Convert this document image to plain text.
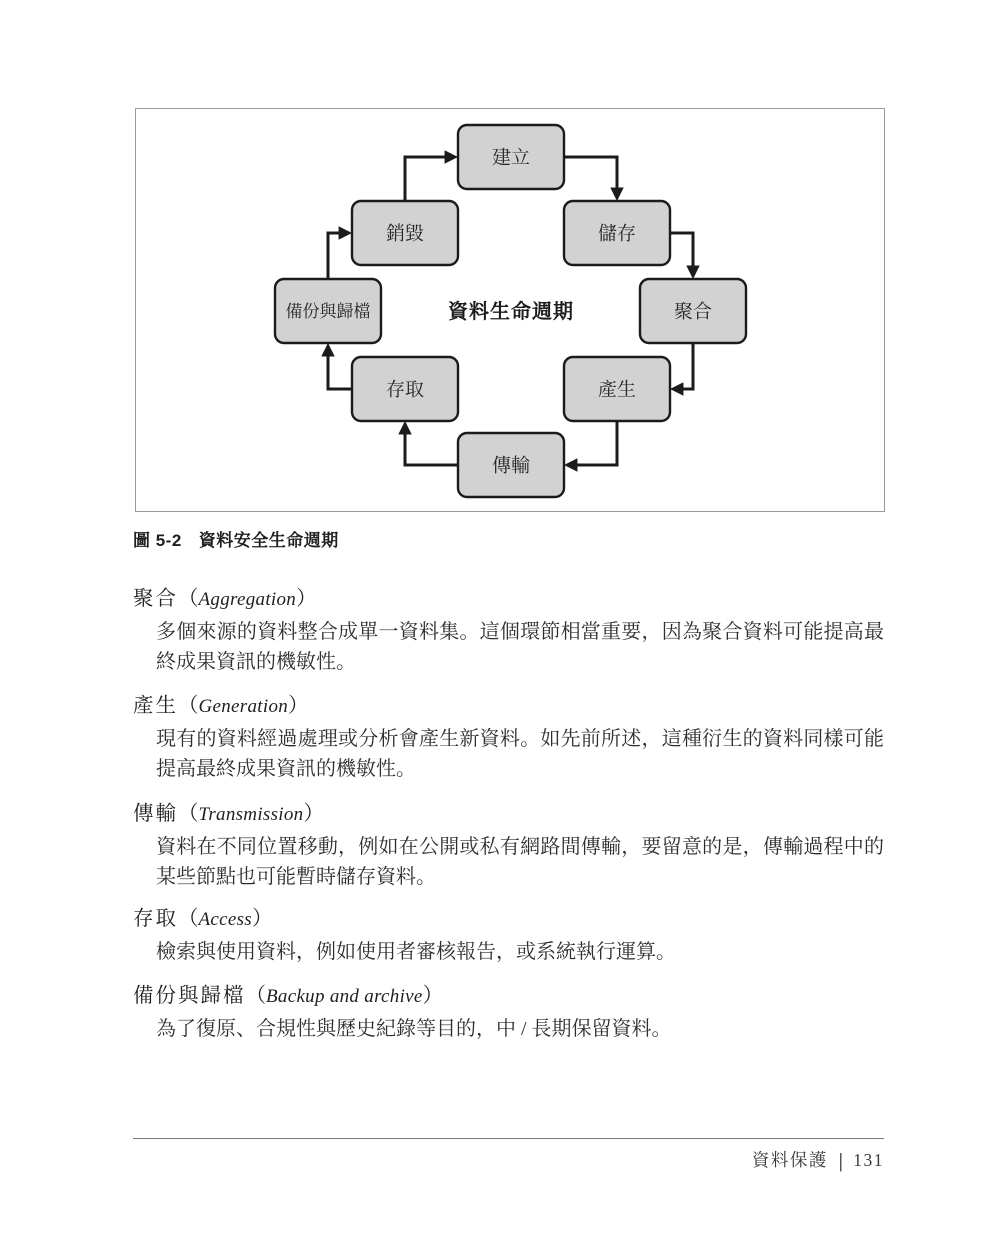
建立
儲存
聚合
產生
傳輸
存取
備份與歸檔
銷毀
資料生命週期
圖 5-2 資料安全生命週期
聚合（Aggregation）

多個來源的資料整合成單一資料集。這個環節相當重要，因為聚合資料可能提高最終成果資訊的機敏性。

產生（Generation）

現有的資料經過處理或分析會產生新資料。如先前所述，這種衍生的資料同樣可能提高最終成果資訊的機敏性。

傳輸（Transmission）

資料在不同位置移動，例如在公開或私有網路間傳輸，要留意的是，傳輸過程中的某些節點也可能暫時儲存資料。

存取（Access）

檢索與使用資料，例如使用者審核報告，或系統執行運算。

備份與歸檔（Backup and archive）

為了復原、合規性與歷史紀錄等目的，中 / 長期保留資料。

資料保護 | 131
